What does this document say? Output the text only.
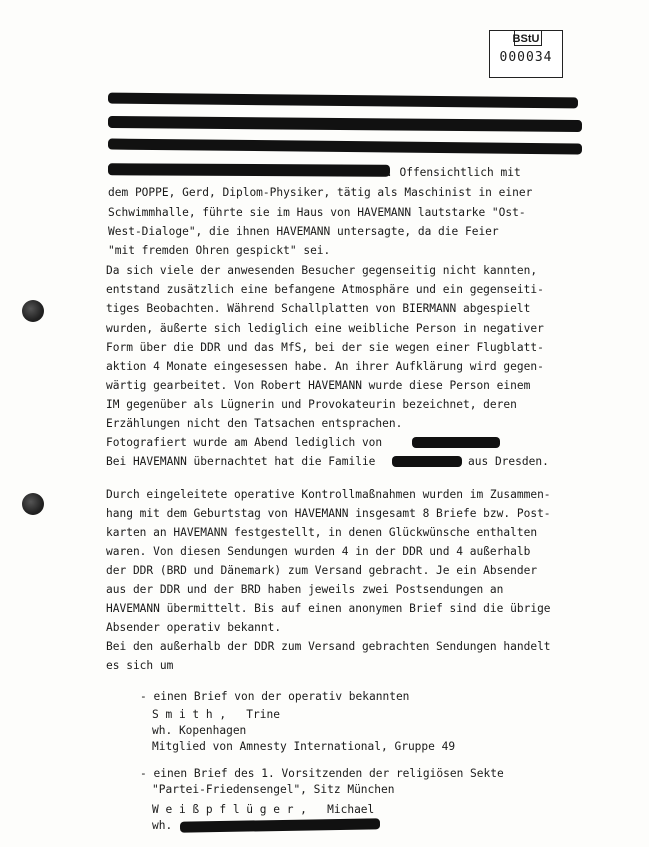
BStU
000034
. Offensichtlich mit
dem POPPE, Gerd, Diplom-Physiker, tätig als Maschinist in einer
Schwimmhalle, führte sie im Haus von HAVEMANN lautstarke "Ost-
West-Dialoge", die ihnen HAVEMANN untersagte, da die Feier
"mit fremden Ohren gespickt" sei.
Da sich viele der anwesenden Besucher gegenseitig nicht kannten,
entstand zusätzlich eine befangene Atmosphäre und ein gegenseiti-
tiges Beobachten. Während Schallplatten von BIERMANN abgespielt
wurden, äußerte sich lediglich eine weibliche Person in negativer
Form über die DDR und das MfS, bei der sie wegen einer Flugblatt-
aktion 4 Monate eingesessen habe. An ihrer Aufklärung wird gegen-
wärtig gearbeitet. Von Robert HAVEMANN wurde diese Person einem
IM gegenüber als Lügnerin und Provokateurin bezeichnet, deren
Erzählungen nicht den Tatsachen entsprachen.
Fotografiert wurde am Abend lediglich von
Bei HAVEMANN übernachtet hat die Familie	aus Dresden.
Durch eingeleitete operative Kontrollmaßnahmen wurden im Zusammen-
hang mit dem Geburtstag von HAVEMANN insgesamt 8 Briefe bzw. Post-
karten an HAVEMANN festgestellt, in denen Glückwünsche enthalten
waren. Von diesen Sendungen wurden 4 in der DDR und 4 außerhalb
der DDR (BRD und Dänemark) zum Versand gebracht. Je ein Absender
aus der DDR und der BRD haben jeweils zwei Postsendungen an
HAVEMANN übermittelt. Bis auf einen anonymen Brief sind die übrige
Absender operativ bekannt.
Bei den außerhalb der DDR zum Versand gebrachten Sendungen handelt
es sich um
- einen Brief von der operativ bekannten
S m i t h ,   Trine
wh. Kopenhagen
Mitglied von Amnesty International, Gruppe 49
- einen Brief des 1. Vorsitzenden der religiösen Sekte
"Partei-Friedensengel", Sitz München
W e i ß p f l ü g e r ,   Michael
wh.
